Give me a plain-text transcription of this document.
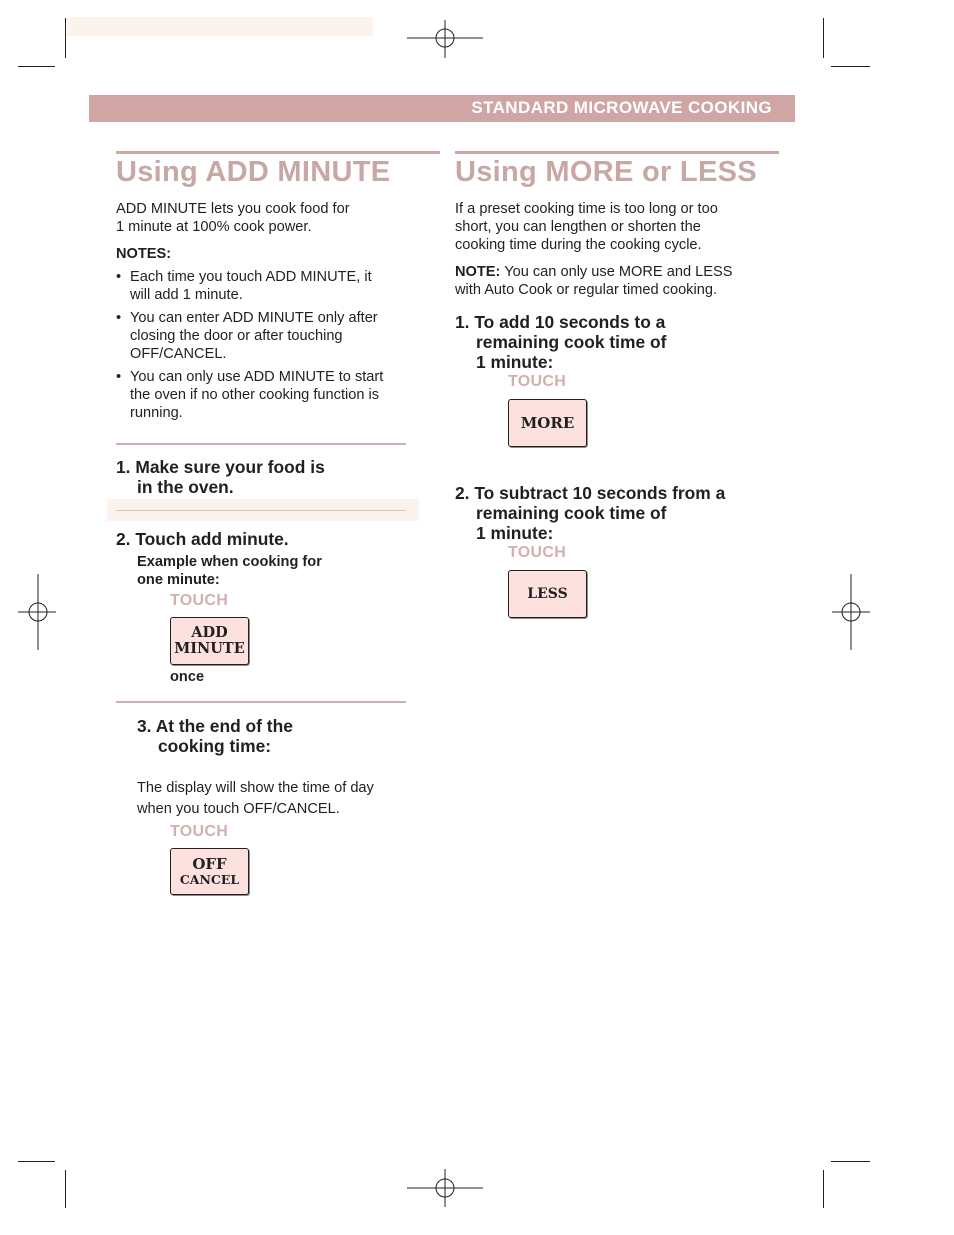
STANDARD MICROWAVE COOKING
Using ADD MINUTE
ADD MINUTE lets you cook food for
1 minute at 100% cook power.
NOTES:
• Each time you touch ADD MINUTE, it
will add 1 minute.
• You can enter ADD MINUTE only after
closing the door or after touching
OFF/CANCEL.
• You can only use ADD MINUTE to start
the oven if no other cooking function is
running.
1. Make sure your food is
in the oven.
2. Touch add minute.
Example when cooking for
one minute:
TOUCH
ADD
MINUTE
once
3. At the end of the
cooking time:
The display will show the time of day
when you touch OFF/CANCEL.
TOUCH
OFF
CANCEL
Using MORE or LESS
If a preset cooking time is too long or too
short, you can lengthen or shorten the
cooking time during the cooking cycle.
NOTE: You can only use MORE and LESS
with Auto Cook or regular timed cooking.
1. To add 10 seconds to a
remaining cook time of
1 minute:
TOUCH
MORE
2. To subtract 10 seconds from a
remaining cook time of
1 minute:
TOUCH
LESS
